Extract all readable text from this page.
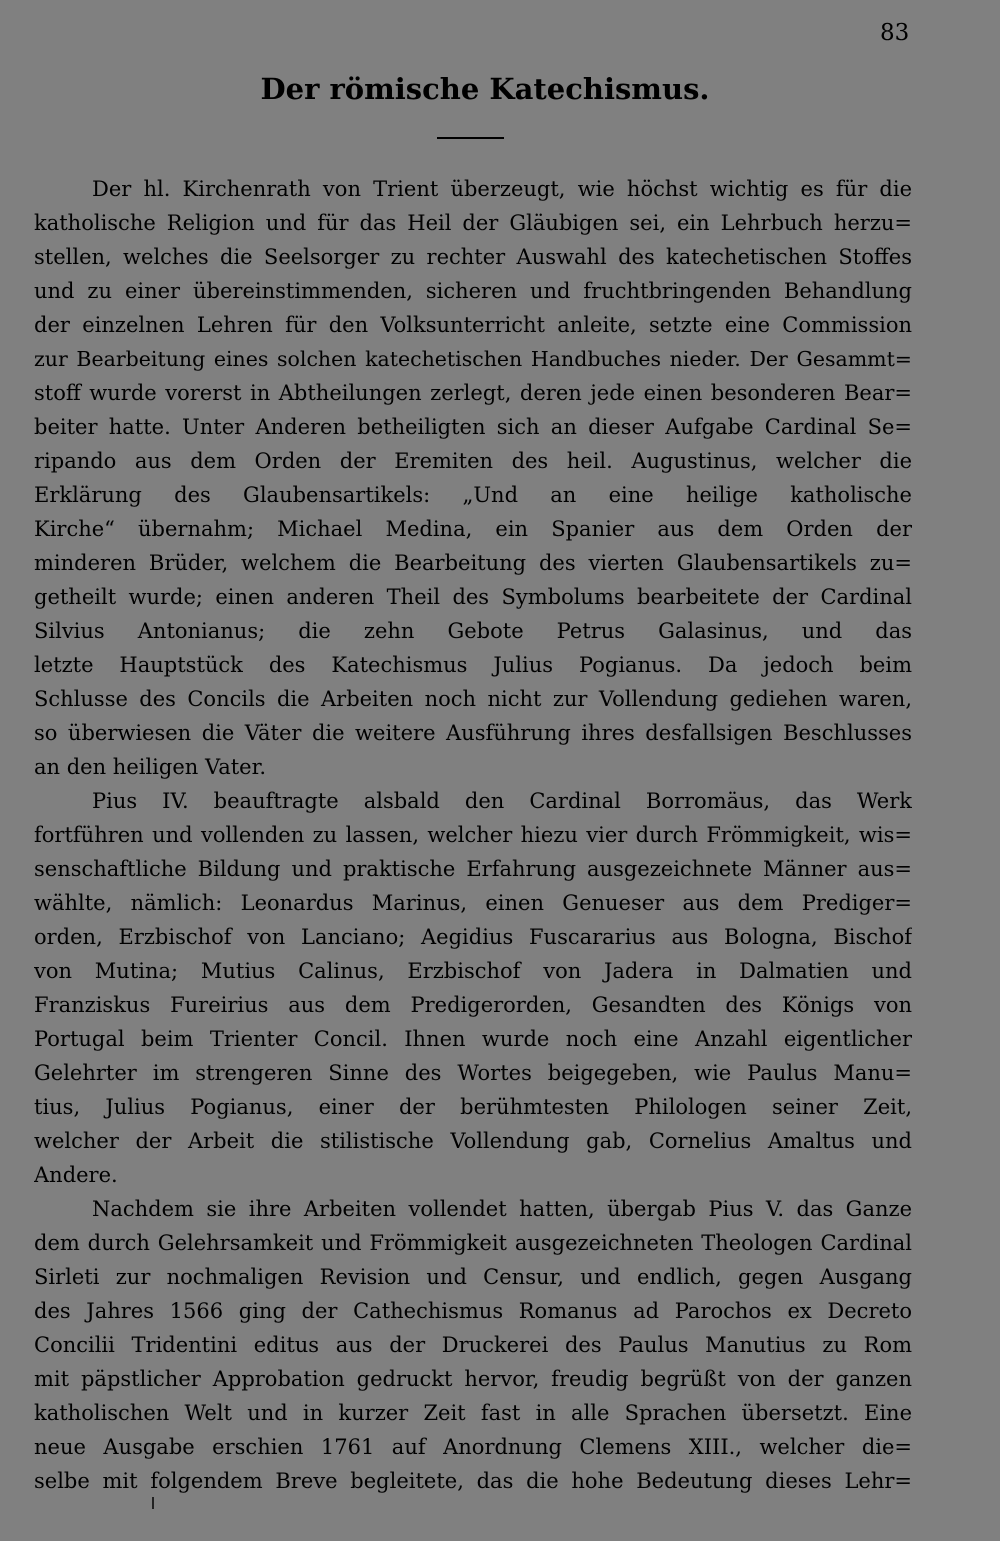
83
Der römische Katechismus.
Der hl. Kirchenrath von Trient überzeugt, wie höchst wichtig es für die
katholische Religion und für das Heil der Gläubigen sei, ein Lehrbuch herzu=
stellen, welches die Seelsorger zu rechter Auswahl des katechetischen Stoffes
und zu einer übereinstimmenden, sicheren und fruchtbringenden Behandlung
der einzelnen Lehren für den Volksunterricht anleite, setzte eine Commission
zur Bearbeitung eines solchen katechetischen Handbuches nieder. Der Gesammt=
stoff wurde vorerst in Abtheilungen zerlegt, deren jede einen besonderen Bear=
beiter hatte. Unter Anderen betheiligten sich an dieser Aufgabe Cardinal Se=
ripando aus dem Orden der Eremiten des heil. Augustinus, welcher die
Erklärung des Glaubensartikels: „Und an eine heilige katholische
Kirche“ übernahm; Michael Medina, ein Spanier aus dem Orden der
minderen Brüder, welchem die Bearbeitung des vierten Glaubensartikels zu=
getheilt wurde; einen anderen Theil des Symbolums bearbeitete der Cardinal
Silvius Antonianus; die zehn Gebote Petrus Galasinus, und das
letzte Hauptstück des Katechismus Julius Pogianus. Da jedoch beim
Schlusse des Concils die Arbeiten noch nicht zur Vollendung gediehen waren,
so überwiesen die Väter die weitere Ausführung ihres desfallsigen Beschlusses
an den heiligen Vater.
Pius IV. beauftragte alsbald den Cardinal Borromäus, das Werk
fortführen und vollenden zu lassen, welcher hiezu vier durch Frömmigkeit, wis=
senschaftliche Bildung und praktische Erfahrung ausgezeichnete Männer aus=
wählte, nämlich: Leonardus Marinus, einen Genueser aus dem Prediger=
orden, Erzbischof von Lanciano; Aegidius Fuscararius aus Bologna, Bischof
von Mutina; Mutius Calinus, Erzbischof von Jadera in Dalmatien und
Franziskus Fureirius aus dem Predigerorden, Gesandten des Königs von
Portugal beim Trienter Concil. Ihnen wurde noch eine Anzahl eigentlicher
Gelehrter im strengeren Sinne des Wortes beigegeben, wie Paulus Manu=
tius, Julius Pogianus, einer der berühmtesten Philologen seiner Zeit,
welcher der Arbeit die stilistische Vollendung gab, Cornelius Amaltus und
Andere.
Nachdem sie ihre Arbeiten vollendet hatten, übergab Pius V. das Ganze
dem durch Gelehrsamkeit und Frömmigkeit ausgezeichneten Theologen Cardinal
Sirleti zur nochmaligen Revision und Censur, und endlich, gegen Ausgang
des Jahres 1566 ging der Cathechismus Romanus ad Parochos ex Decreto
Concilii Tridentini editus aus der Druckerei des Paulus Manutius zu Rom
mit päpstlicher Approbation gedruckt hervor, freudig begrüßt von der ganzen
katholischen Welt und in kurzer Zeit fast in alle Sprachen übersetzt. Eine
neue Ausgabe erschien 1761 auf Anordnung Clemens XIII., welcher die=
selbe mit folgendem Breve begleitete, das die hohe Bedeutung dieses Lehr=
